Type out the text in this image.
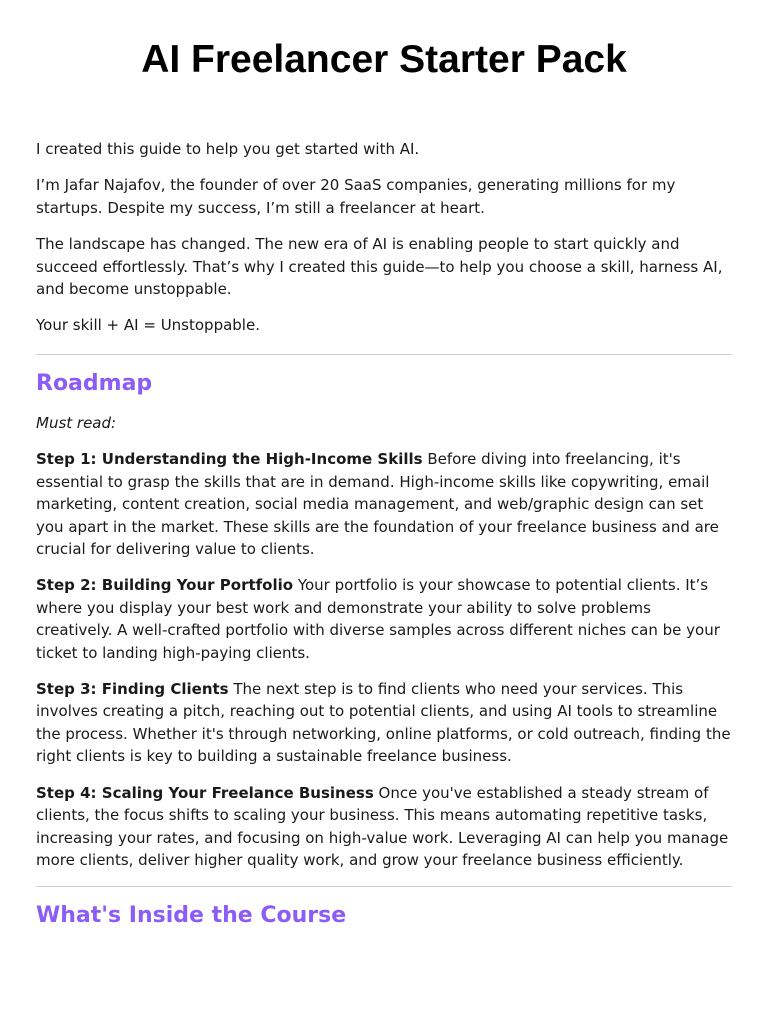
AI Freelancer Starter Pack

I created this guide to help you get started with AI.

I’m Jafar Najafov, the founder of over 20 SaaS companies, generating millions for my startups. Despite my success, I’m still a freelancer at heart.

The landscape has changed. The new era of AI is enabling people to start quickly and succeed effortlessly. That’s why I created this guide—to help you choose a skill, harness AI, and become unstoppable.

Your skill + AI = Unstoppable.

Roadmap

Must read:

Step 1: Understanding the High-Income Skills Before diving into freelancing, it's essential to grasp the skills that are in demand. High-income skills like copywriting, email marketing, content creation, social media management, and web/graphic design can set you apart in the market. These skills are the foundation of your freelance business and are crucial for delivering value to clients.

Step 2: Building Your Portfolio Your portfolio is your showcase to potential clients. It’s where you display your best work and demonstrate your ability to solve problems creatively. A well-crafted portfolio with diverse samples across different niches can be your ticket to landing high-paying clients.

Step 3: Finding Clients The next step is to find clients who need your services. This involves creating a pitch, reaching out to potential clients, and using AI tools to streamline the process. Whether it's through networking, online platforms, or cold outreach, finding the right clients is key to building a sustainable freelance business.

Step 4: Scaling Your Freelance Business Once you've established a steady stream of clients, the focus shifts to scaling your business. This means automating repetitive tasks, increasing your rates, and focusing on high-value work. Leveraging AI can help you manage more clients, deliver higher quality work, and grow your freelance business efficiently.

What's Inside the Course
